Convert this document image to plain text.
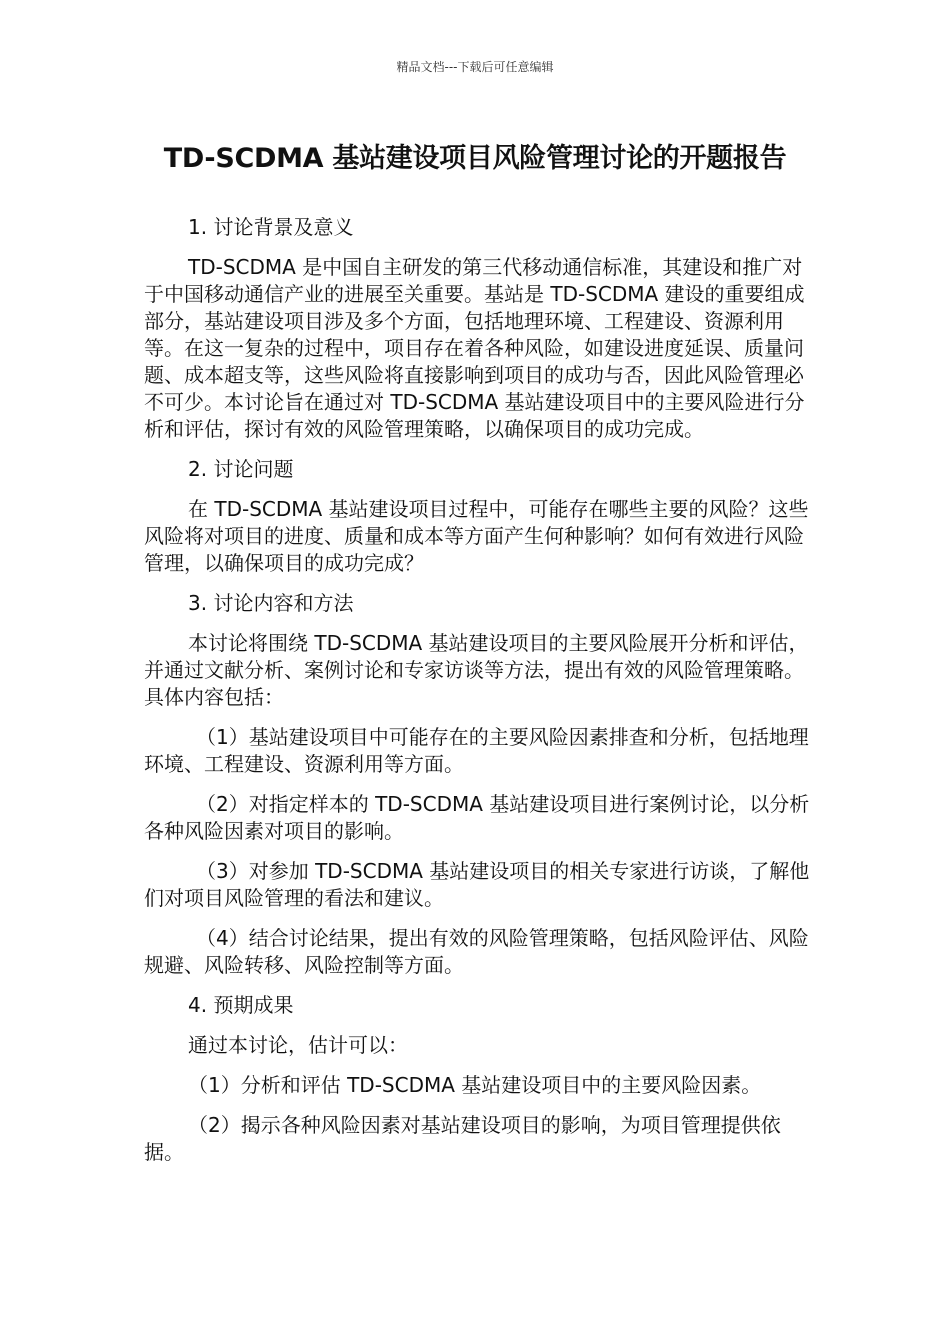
精品文档---下载后可任意编辑
TD-SCDMA 基站建设项目风险管理讨论的开题报告

1. 讨论背景及意义

TD-SCDMA 是中国自主研发的第三代移动通信标准，其建设和推广对于中国移动通信产业的进展至关重要。基站是 TD-SCDMA 建设的重要组成部分，基站建设项目涉及多个方面，包括地理环境、工程建设、资源利用等。在这一复杂的过程中，项目存在着各种风险，如建设进度延误、质量问题、成本超支等，这些风险将直接影响到项目的成功与否，因此风险管理必不可少。本讨论旨在通过对 TD-SCDMA 基站建设项目中的主要风险进行分析和评估，探讨有效的风险管理策略，以确保项目的成功完成。

2. 讨论问题

在 TD-SCDMA 基站建设项目过程中，可能存在哪些主要的风险？这些风险将对项目的进度、质量和成本等方面产生何种影响？如何有效进行风险管理，以确保项目的成功完成？

3. 讨论内容和方法

本讨论将围绕 TD-SCDMA 基站建设项目的主要风险展开分析和评估，并通过文献分析、案例讨论和专家访谈等方法，提出有效的风险管理策略。具体内容包括：

（1）基站建设项目中可能存在的主要风险因素排查和分析，包括地理环境、工程建设、资源利用等方面。

（2）对指定样本的 TD-SCDMA 基站建设项目进行案例讨论，以分析各种风险因素对项目的影响。

（3）对参加 TD-SCDMA 基站建设项目的相关专家进行访谈，了解他们对项目风险管理的看法和建议。

（4）结合讨论结果，提出有效的风险管理策略，包括风险评估、风险规避、风险转移、风险控制等方面。

4. 预期成果

通过本讨论，估计可以：

（1）分析和评估 TD-SCDMA 基站建设项目中的主要风险因素。

（2）揭示各种风险因素对基站建设项目的影响，为项目管理提供依据。
